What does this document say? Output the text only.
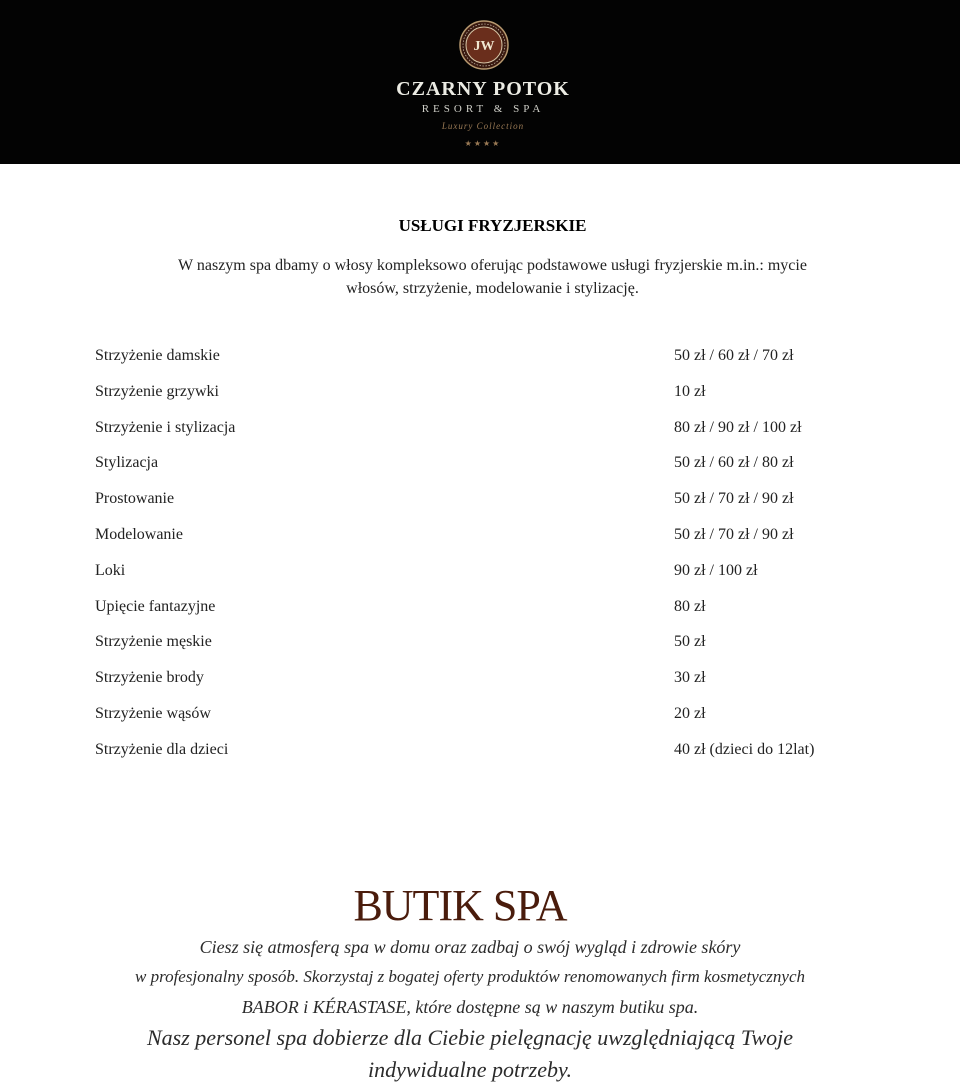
JW
CZARNY POTOK
RESORT & SPA
Luxury Collection
★★★★
USŁUGI FRYZJERSKIE
W naszym spa dbamy o włosy kompleksowo oferując podstawowe usługi fryzjerskie m.in.: mycie
włosów, strzyżenie, modelowanie i stylizację.
Strzyżenie damskie	50 zł / 60 zł / 70 zł
Strzyżenie grzywki	10 zł
Strzyżenie i stylizacja	80 zł / 90 zł / 100 zł
Stylizacja	50 zł / 60 zł / 80 zł
Prostowanie	50 zł / 70 zł / 90 zł
Modelowanie	50 zł / 70 zł / 90 zł
Loki	90 zł / 100 zł
Upięcie fantazyjne	80 zł
Strzyżenie męskie	50 zł
Strzyżenie brody	30 zł
Strzyżenie wąsów	20 zł
Strzyżenie dla dzieci	40 zł (dzieci do 12lat)
BUTIK SPA
Ciesz się atmosferą spa w domu oraz zadbaj o swój wygląd i zdrowie skóry
w profesjonalny sposób. Skorzystaj z bogatej oferty produktów renomowanych firm kosmetycznych
BABOR i KÉRASTASE, które dostępne są w naszym butiku spa.
Nasz personel spa dobierze dla Ciebie pielęgnację uwzględniającą Twoje indywidualne potrzeby.
